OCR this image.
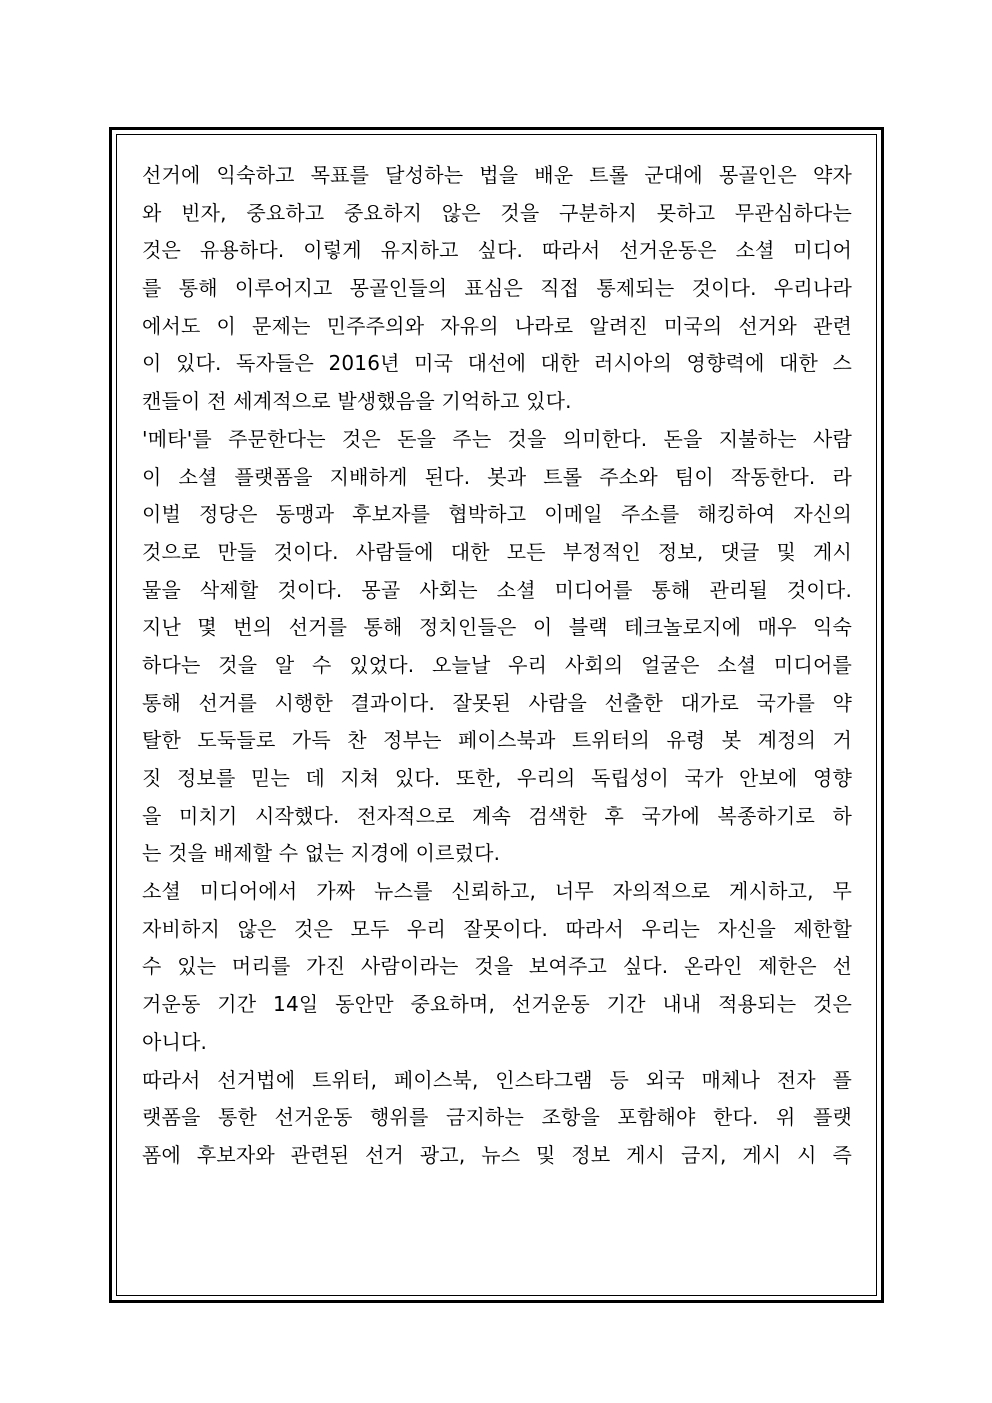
선거에 익숙하고 목표를 달성하는 법을 배운 트롤 군대에 몽골인은 약자
와 빈자, 중요하고 중요하지 않은 것을 구분하지 못하고 무관심하다는
것은 유용하다. 이렇게 유지하고 싶다. 따라서 선거운동은 소셜 미디어
를 통해 이루어지고 몽골인들의 표심은 직접 통제되는 것이다. 우리나라
에서도 이 문제는 민주주의와 자유의 나라로 알려진 미국의 선거와 관련
이 있다. 독자들은 2016년 미국 대선에 대한 러시아의 영향력에 대한 스
캔들이 전 세계적으로 발생했음을 기억하고 있다.
'메타'를 주문한다는 것은 돈을 주는 것을 의미한다. 돈을 지불하는 사람
이 소셜 플랫폼을 지배하게 된다. 봇과 트롤 주소와 팀이 작동한다. 라
이벌 정당은 동맹과 후보자를 협박하고 이메일 주소를 해킹하여 자신의
것으로 만들 것이다. 사람들에 대한 모든 부정적인 정보, 댓글 및 게시
물을 삭제할 것이다. 몽골 사회는 소셜 미디어를 통해 관리될 것이다.
지난 몇 번의 선거를 통해 정치인들은 이 블랙 테크놀로지에 매우 익숙
하다는 것을 알 수 있었다. 오늘날 우리 사회의 얼굴은 소셜 미디어를
통해 선거를 시행한 결과이다. 잘못된 사람을 선출한 대가로 국가를 약
탈한 도둑들로 가득 찬 정부는 페이스북과 트위터의 유령 봇 계정의 거
짓 정보를 믿는 데 지쳐 있다. 또한, 우리의 독립성이 국가 안보에 영향
을 미치기 시작했다. 전자적으로 계속 검색한 후 국가에 복종하기로 하
는 것을 배제할 수 없는 지경에 이르렀다.
소셜 미디어에서 가짜 뉴스를 신뢰하고, 너무 자의적으로 게시하고, 무
자비하지 않은 것은 모두 우리 잘못이다. 따라서 우리는 자신을 제한할
수 있는 머리를 가진 사람이라는 것을 보여주고 싶다. 온라인 제한은 선
거운동 기간 14일 동안만 중요하며, 선거운동 기간 내내 적용되는 것은
아니다.
따라서 선거법에 트위터, 페이스북, 인스타그램 등 외국 매체나 전자 플
랫폼을 통한 선거운동 행위를 금지하는 조항을 포함해야 한다. 위 플랫
폼에 후보자와 관련된 선거 광고, 뉴스 및 정보 게시 금지, 게시 시 즉
